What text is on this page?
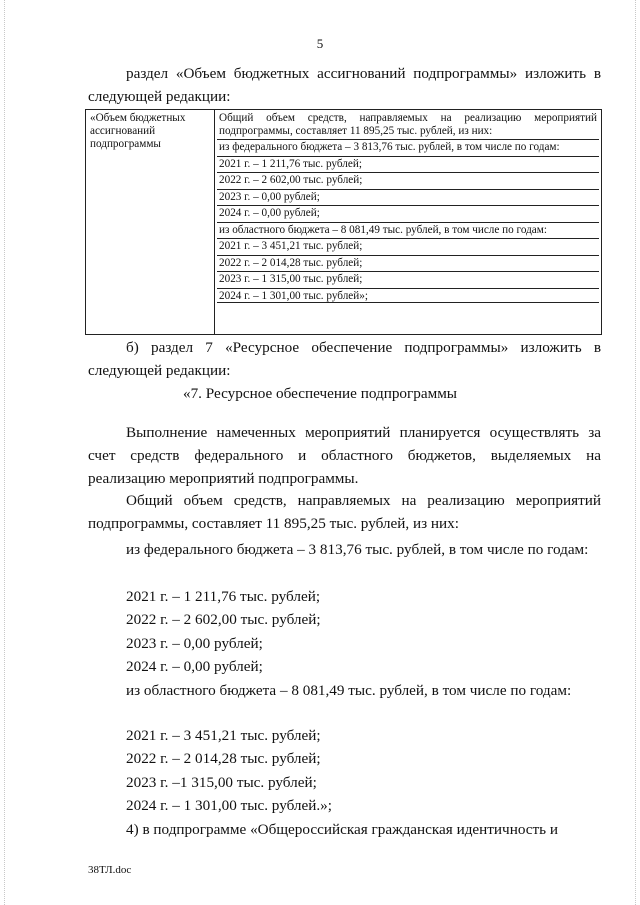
5

раздел «Объем бюджетных ассигнований подпрограммы» изложить в следующей редакции:

«Объем бюджетных ассигнований подпрограммы
Общий объем средств, направляемых на реализацию мероприятий подпрограммы, составляет 11 895,25 тыс. рублей, из них:
из федерального бюджета – 3 813,76 тыс. рублей, в том числе по годам:
2021 г. – 1 211,76 тыс. рублей;
2022 г. – 2 602,00 тыс. рублей;
2023 г. – 0,00 рублей;
2024 г. – 0,00 рублей;
из областного бюджета – 8 081,49 тыс. рублей, в том числе по годам:
2021 г. – 3 451,21 тыс. рублей;
2022 г. – 2 014,28 тыс. рублей;
2023 г. – 1 315,00 тыс. рублей;
2024 г. – 1 301,00 тыс. рублей»;

б) раздел 7 «Ресурсное обеспечение подпрограммы» изложить в следующей редакции:

«7. Ресурсное обеспечение подпрограммы

Выполнение намеченных мероприятий планируется осуществлять за счет средств федерального и областного бюджетов, выделяемых на реализацию мероприятий подпрограммы.

Общий объем средств, направляемых на реализацию мероприятий подпрограммы, составляет 11 895,25 тыс. рублей, из них:

из федерального бюджета – 3 813,76 тыс. рублей, в том числе по годам:

2021 г. – 1 211,76 тыс. рублей;
2022 г. – 2 602,00 тыс. рублей;
2023 г. – 0,00 рублей;
2024 г. – 0,00 рублей;

из областного бюджета – 8 081,49 тыс. рублей, в том числе по годам:

2021 г. – 3 451,21 тыс. рублей;
2022 г. – 2 014,28 тыс. рублей;
2023 г. –1 315,00 тыс. рублей;
2024 г. – 1 301,00 тыс. рублей.»;

4) в подпрограмме «Общероссийская гражданская идентичность и

38ТЛ.doc
